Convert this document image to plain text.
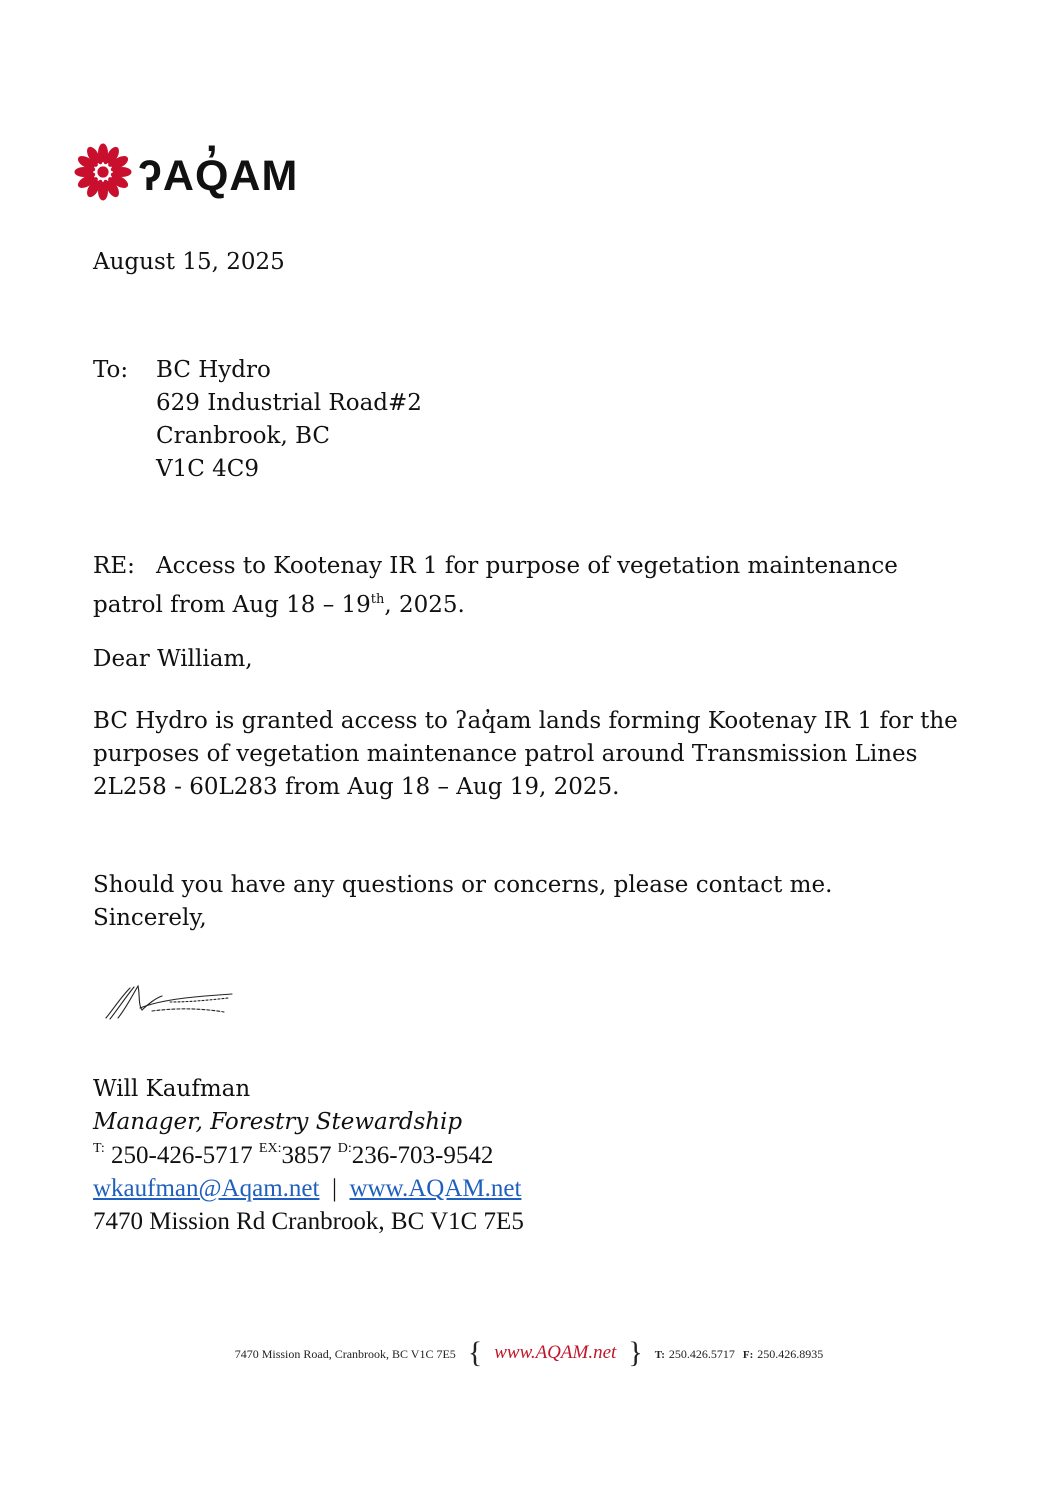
ʔAQ̓AM
August 15, 2025
To: BC Hydro
629 Industrial Road#2
Cranbrook, BC
V1C 4C9
RE: Access to Kootenay IR 1 for purpose of vegetation maintenance
patrol from Aug 18 – 19th, 2025.
Dear William,
BC Hydro is granted access to ʔaq̓am lands forming Kootenay IR 1 for the
purposes of vegetation maintenance patrol around Transmission Lines
2L258 - 60L283 from Aug 18 – Aug 19, 2025.
Should you have any questions or concerns, please contact me.
Sincerely,
Will Kaufman
Manager, Forestry Stewardship
$^{T:}$ 250-426-5717 $^{EX:}$3857 $^{D:}$236-703-9542
wkaufman@Aqam.net | www.AQAM.net
7470 Mission Rd Cranbrook, BC V1C 7E5
7470 Mission Road, Cranbrook, BC V1C 7E5 { www.AQAM.net } T: 250.426.5717 F: 250.426.8935
